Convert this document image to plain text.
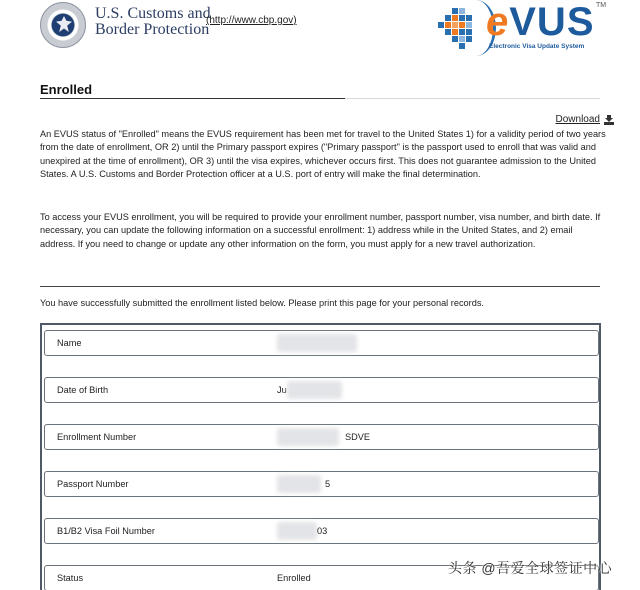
U.S. Customs and
Border Protection
(http://www.cbp.gov)	eVUS TM
Electronic Visa Update System
Enrolled
Download

An EVUS status of "Enrolled" means the EVUS requirement has been met for travel to the United States 1) for a validity period of two years from the date of enrollment, OR 2) until the Primary passport expires ("Primary passport" is the passport used to enroll that was valid and unexpired at the time of enrollment), OR 3) until the visa expires, whichever occurs first. This does not guarantee admission to the United States. A U.S. Customs and Border Protection officer at a U.S. port of entry will make the final determination.

To access your EVUS enrollment, you will be required to provide your enrollment number, passport number, visa number, and birth date. If necessary, you can update the following information on a successful enrollment: 1) address while in the United States, and 2) email address. If you need to change or update any other information on the form, you must apply for a new travel authorization.

You have successfully submitted the enrollment listed below. Please print this page for your personal records.
Name
Date of Birth	Ju
Enrollment Number	SDVE
Passport Number	5
B1/B2 Visa Foil Number	03
Status	Enrolled
头条 @吾爱全球签证中心
